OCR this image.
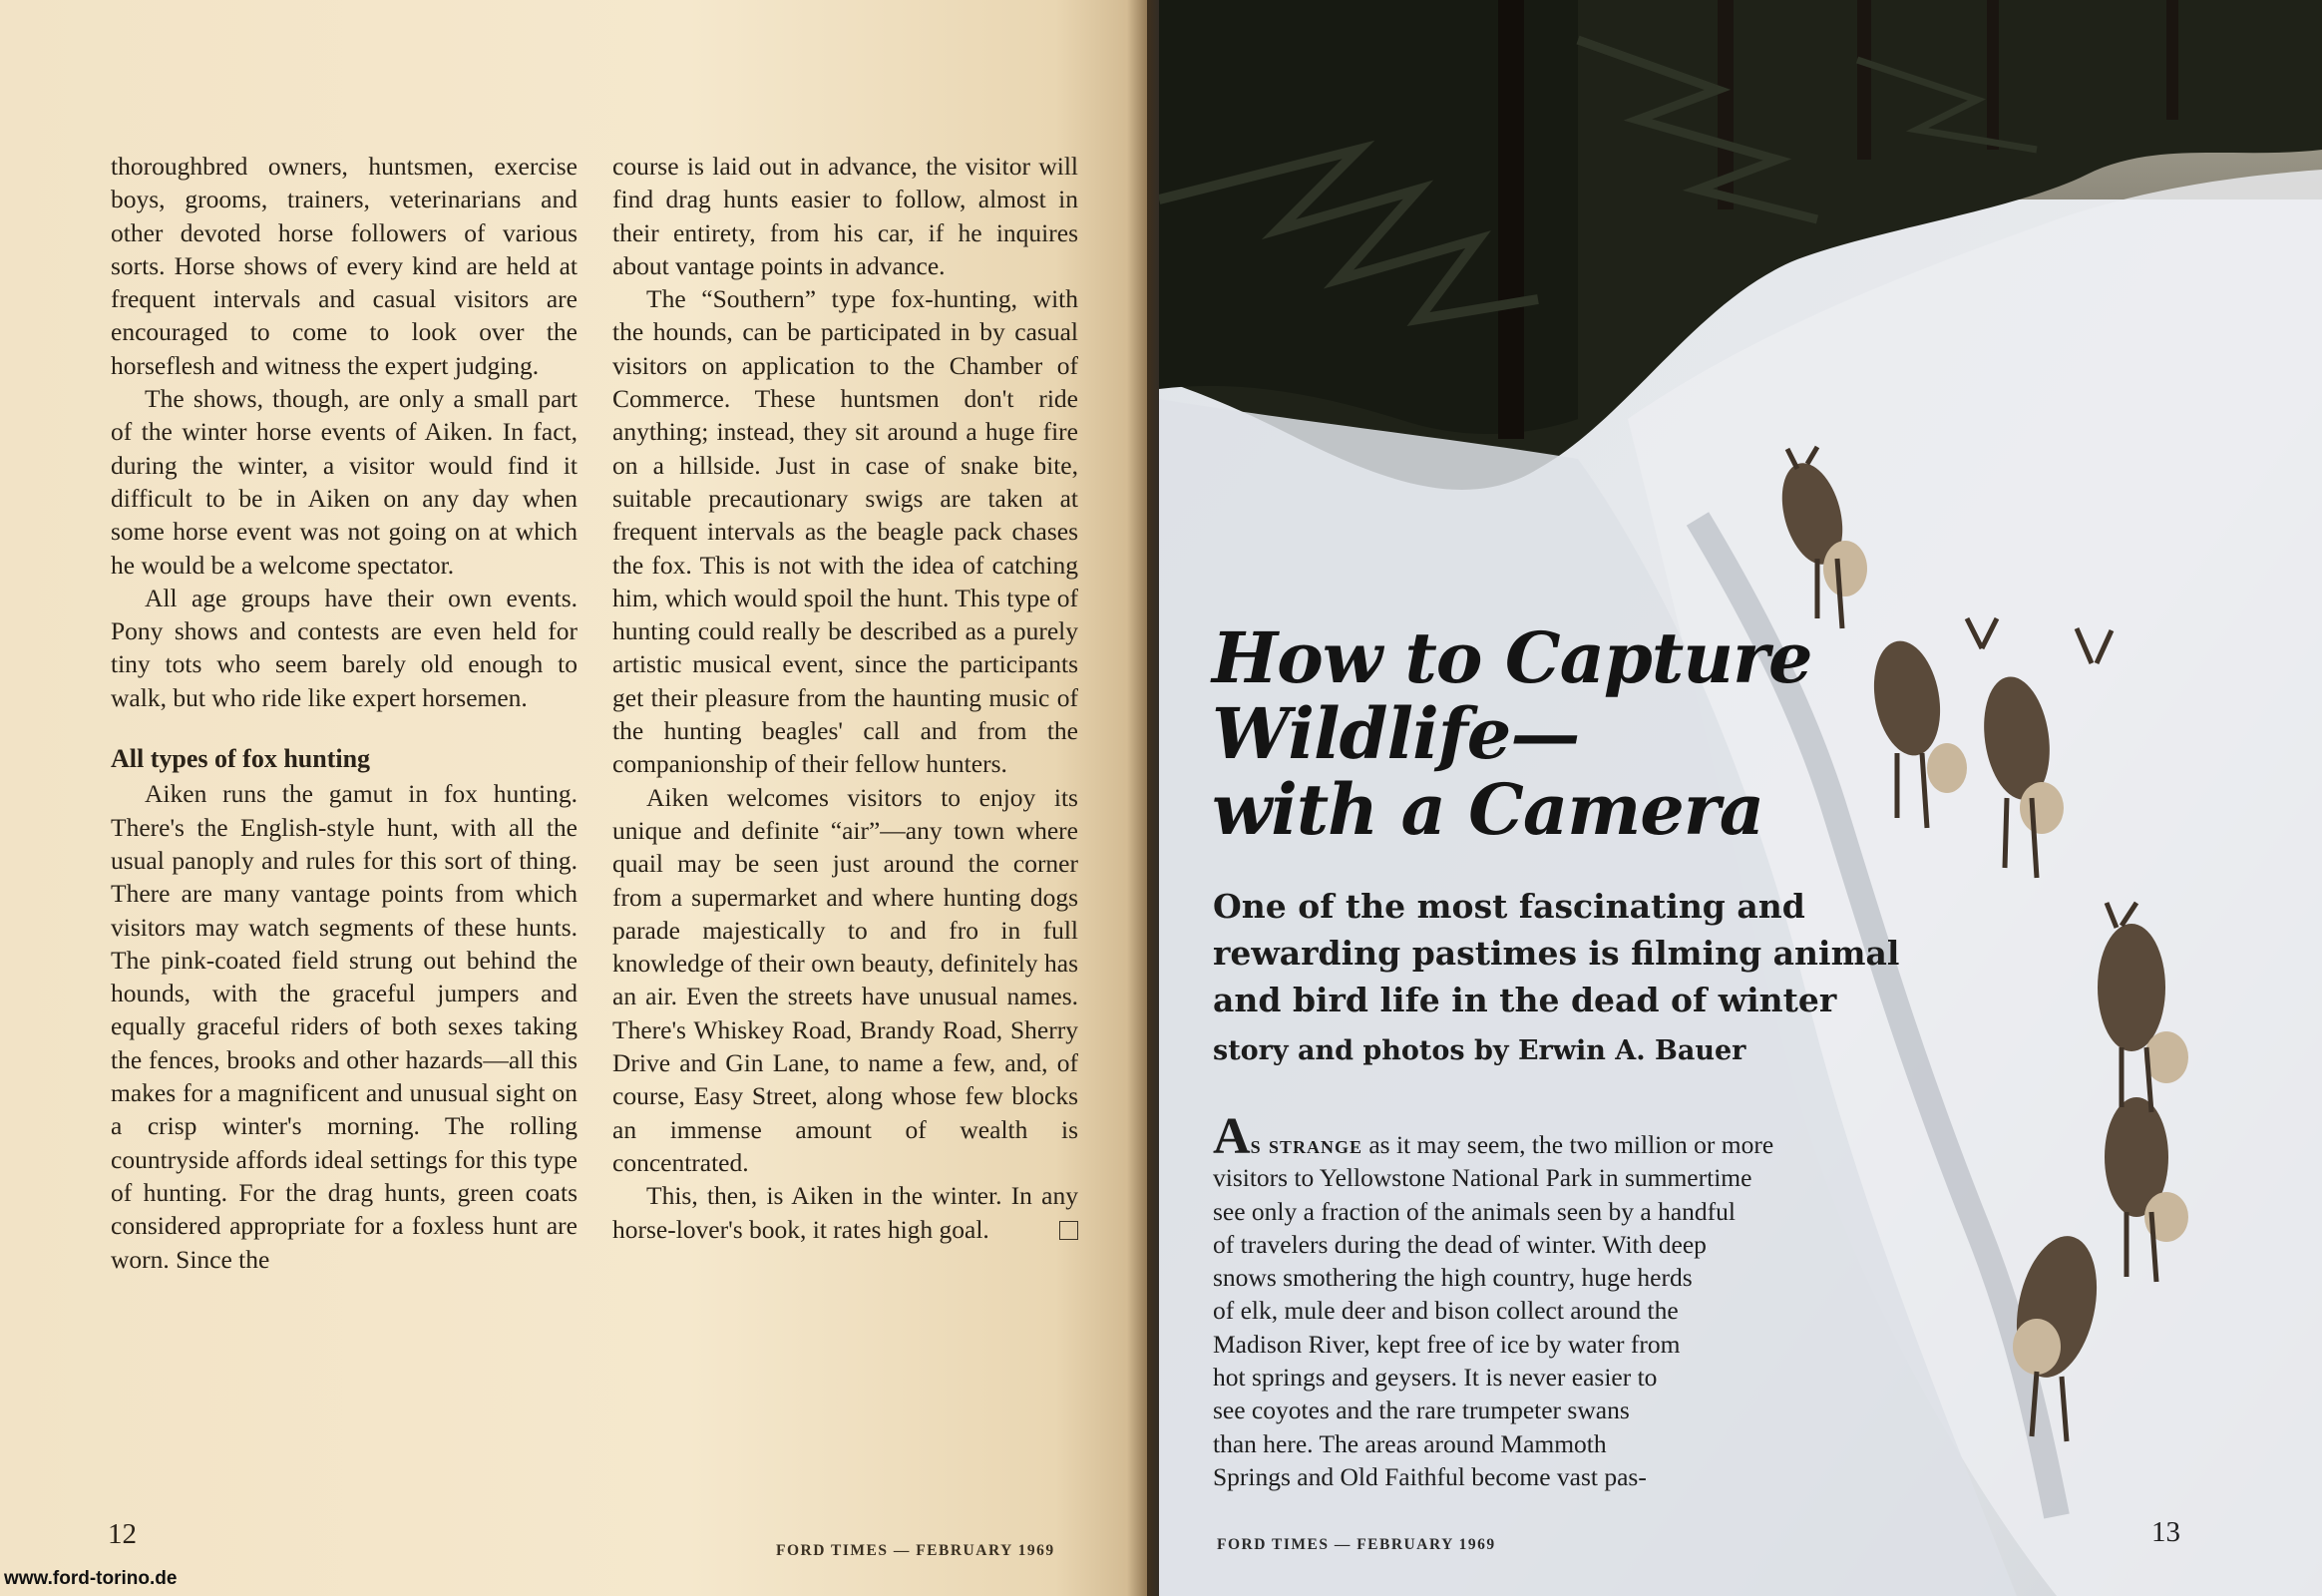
thoroughbred owners, huntsmen, exercise boys, grooms, trainers, veterinarians and other devoted horse followers of various sorts. Horse shows of every kind are held at frequent intervals and casual visitors are encouraged to come to look over the horseflesh and witness the expert judging.

The shows, though, are only a small part of the winter horse events of Aiken. In fact, during the winter, a visitor would find it difficult to be in Aiken on any day when some horse event was not going on at which he would be a welcome spectator.

All age groups have their own events. Pony shows and contests are even held for tiny tots who seem barely old enough to walk, but who ride like expert horsemen.

All types of fox hunting

Aiken runs the gamut in fox hunting. There's the English-style hunt, with all the usual panoply and rules for this sort of thing. There are many vantage points from which visitors may watch segments of these hunts. The pink-coated field strung out behind the hounds, with the graceful jumpers and equally graceful riders of both sexes taking the fences, brooks and other hazards—all this makes for a magnificent and unusual sight on a crisp winter's morning. The rolling countryside affords ideal settings for this type of hunting. For the drag hunts, green coats considered appropriate for a foxless hunt are worn. Since the

course is laid out in advance, the visitor will find drag hunts easier to follow, almost in their entirety, from his car, if he inquires about vantage points in advance.

The “Southern” type fox-hunting, with the hounds, can be participated in by casual visitors on application to the Chamber of Commerce. These huntsmen don't ride anything; instead, they sit around a huge fire on a hillside. Just in case of snake bite, suitable precautionary swigs are taken at frequent intervals as the beagle pack chases the fox. This is not with the idea of catching him, which would spoil the hunt. This type of hunting could really be described as a purely artistic musical event, since the participants get their pleasure from the haunting music of the hunting beagles' call and from the companionship of their fellow hunters.

Aiken welcomes visitors to enjoy its unique and definite “air”—any town where quail may be seen just around the corner from a supermarket and where hunting dogs parade majestically to and fro in full knowledge of their own beauty, definitely has an air. Even the streets have unusual names. There's Whiskey Road, Brandy Road, Sherry Drive and Gin Lane, to name a few, and, of course, Easy Street, along whose few blocks an immense amount of wealth is concentrated.

This, then, is Aiken in the winter. In any horse-lover's book, it rates high goal.

12
FORD TIMES — FEBRUARY 1969
13
FORD TIMES — FEBRUARY 1969
How to Capture
Wildlife—
with a Camera
One of the most fascinating and rewarding pastimes is filming animal and bird life in the dead of winter
story and photos by Erwin A. Bauer
As strange as it may seem, the two million or more
visitors to Yellowstone National Park in summertime
see only a fraction of the animals seen by a handful
of travelers during the dead of winter. With deep
snows smothering the high country, huge herds
of elk, mule deer and bison collect around the
Madison River, kept free of ice by water from
hot springs and geysers. It is never easier to
see coyotes and the rare trumpeter swans
than here. The areas around Mammoth
Springs and Old Faithful become vast pas-
www.ford-torino.de
